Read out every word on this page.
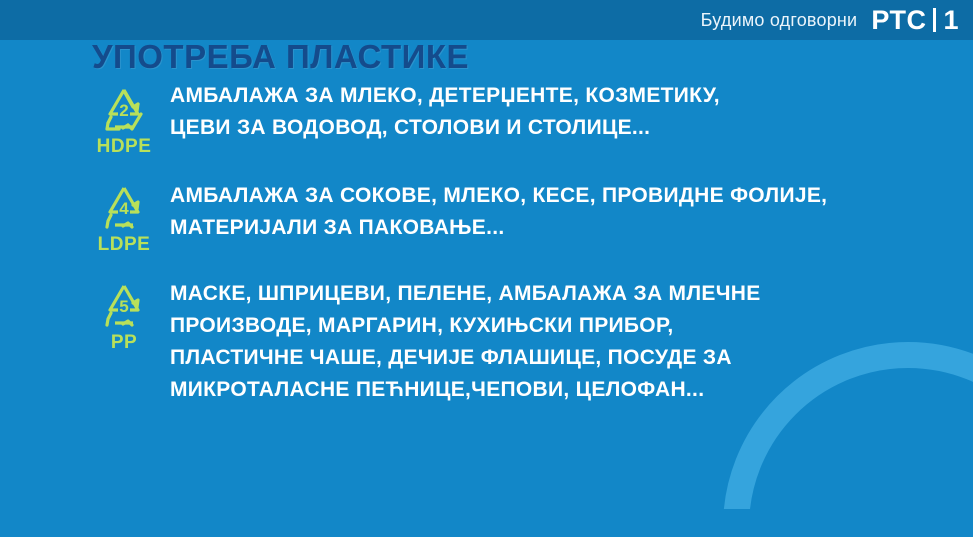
Будимо одговорни РТС 1
УПОТРЕБА ПЛАСТИКЕ
2
HDPE
АМБАЛАЖА ЗА МЛЕКО, ДЕТЕРЏЕНТЕ, КОЗМЕТИКУ,
ЦЕВИ ЗА ВОДОВОД, СТОЛОВИ И СТОЛИЦЕ...
4
LDPE
АМБАЛАЖА ЗА СОКОВЕ, МЛЕКО, КЕСЕ, ПРОВИДНЕ ФОЛИЈЕ,
МАТЕРИЈАЛИ ЗА ПАКОВАЊЕ...
5
PP
МАСКЕ, ШПРИЦЕВИ, ПЕЛЕНЕ, АМБАЛАЖА ЗА МЛЕЧНЕ
ПРОИЗВОДЕ, МАРГАРИН, КУХИЊСКИ ПРИБОР,
ПЛАСТИЧНЕ ЧАШЕ, ДЕЧИЈЕ ФЛАШИЦЕ, ПОСУДЕ ЗА
МИКРОТАЛАСНЕ ПЕЋНИЦЕ,ЧЕПОВИ, ЦЕЛОФАН...
